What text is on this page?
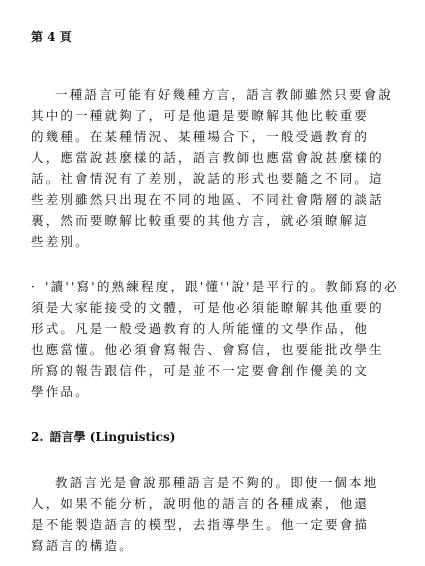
第 4 頁

一種語言可能有好幾種方言，語言教師雖然只要會說
其中的一種就夠了，可是他還是要瞭解其他比較重要
的幾種。在某種情況、某種場合下，一般受過教育的
人，應當說甚麼樣的話，語言教師也應當會說甚麼樣的
話。社會情況有了差別，說話的形式也要隨之不同。這
些差別雖然只出現在不同的地區、不同社會階層的談話
裏，然而要瞭解比較重要的其他方言，就必須瞭解這
些差別。

· '讀''寫'的熟練程度，跟'懂''說'是平行的。教師寫的必
須是大家能接受的文體，可是他必須能瞭解其他重要的
形式。凡是一般受過教育的人所能懂的文學作品，他
也應當懂。他必須會寫報告、會寫信，也要能批改學生
所寫的報告跟信件，可是並不一定要會創作優美的文
學作品。

2. 語言學 (Linguistics)

教語言光是會說那種語言是不夠的。即使一個本地
人，如果不能分析，說明他的語言的各種成素，他還
是不能製造語言的模型，去指導學生。他一定要會描
寫語言的構造。
